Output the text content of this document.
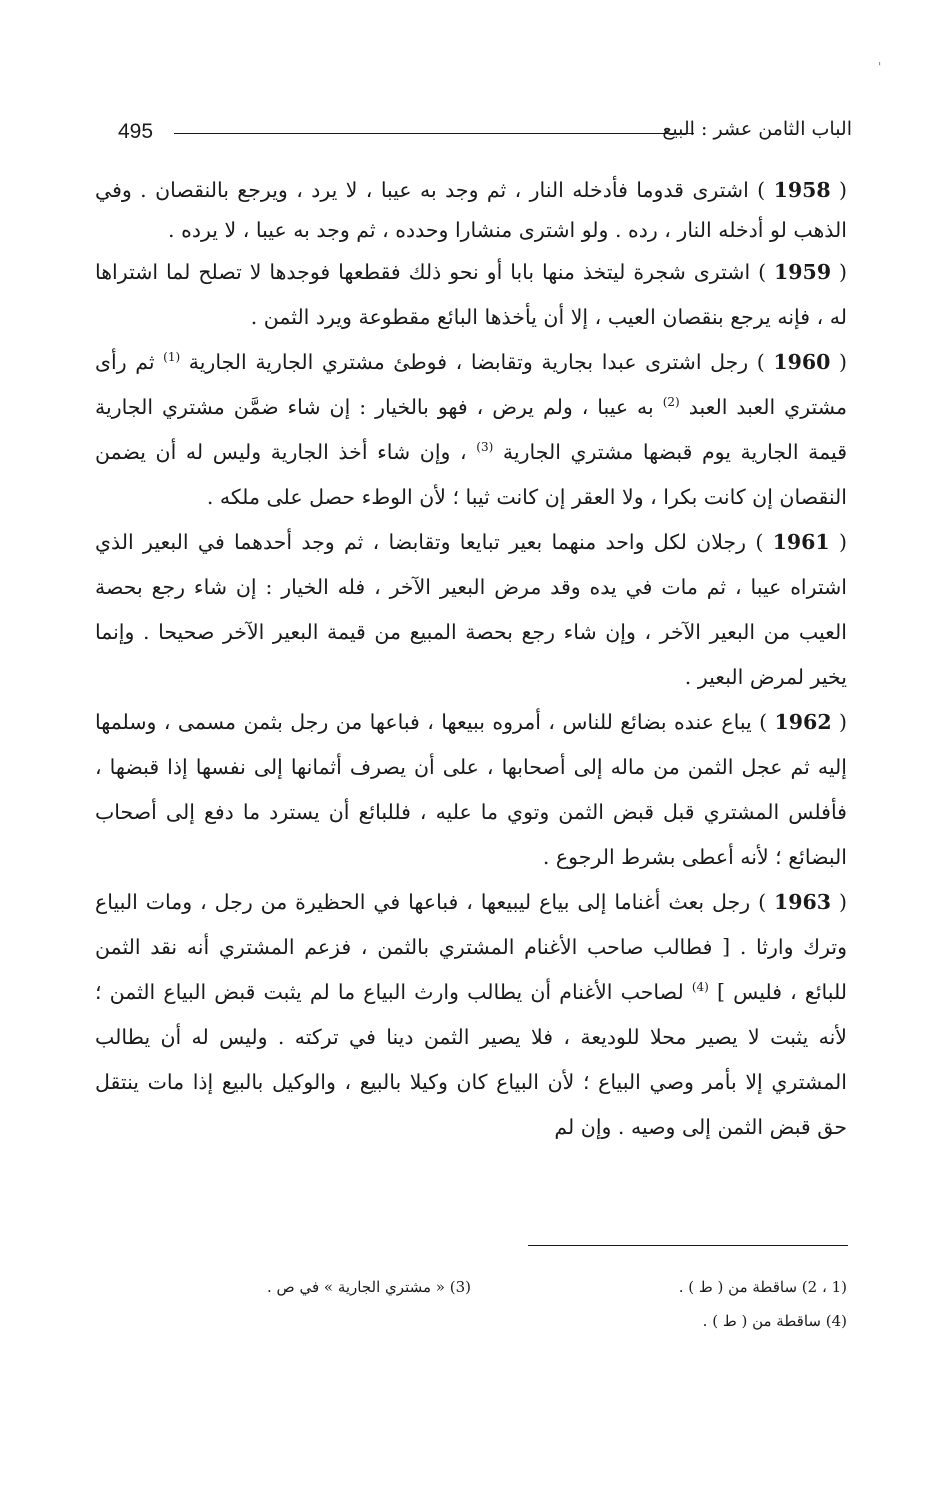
'
495	الباب الثامن عشر : البيع

( 1958 ) اشترى قدوما فأدخله النار ، ثم وجد به عيبا ، لا يرد ، ويرجع بالنقصان . وفي الذهب لو أدخله النار ، رده . ولو اشترى منشارا وحدده ، ثم وجد به عيبا ، لا يرده .

( 1959 ) اشترى شجرة ليتخذ منها بابا أو نحو ذلك فقطعها فوجدها لا تصلح لما اشتراها له ، فإنه يرجع بنقصان العيب ، إلا أن يأخذها البائع مقطوعة ويرد الثمن .

( 1960 ) رجل اشترى عبدا بجارية وتقابضا ، فوطئ مشتري الجارية الجارية $^{(1)}$ ثم رأى مشتري العبد العبد $^{(2)}$ به عيبا ، ولم يرض ، فهو بالخيار : إن شاء ضمَّن مشتري الجارية قيمة الجارية يوم قبضها مشتري الجارية $^{(3)}$ ، وإن شاء أخذ الجارية وليس له أن يضمن النقصان إن كانت بكرا ، ولا العقر إن كانت ثيبا ؛ لأن الوطء حصل على ملكه .

( 1961 ) رجلان لكل واحد منهما بعير تبايعا وتقابضا ، ثم وجد أحدهما في البعير الذي اشتراه عيبا ، ثم مات في يده وقد مرض البعير الآخر ، فله الخيار : إن شاء رجع بحصة العيب من البعير الآخر ، وإن شاء رجع بحصة المبيع من قيمة البعير الآخر صحيحا . وإنما يخير لمرض البعير .

( 1962 ) يباع عنده بضائع للناس ، أمروه ببيعها ، فباعها من رجل بثمن مسمى ، وسلمها إليه ثم عجل الثمن من ماله إلى أصحابها ، على أن يصرف أثمانها إلى نفسها إذا قبضها ، فأفلس المشتري قبل قبض الثمن وتوي ما عليه ، فللبائع أن يسترد ما دفع إلى أصحاب البضائع ؛ لأنه أعطى بشرط الرجوع .

( 1963 ) رجل بعث أغناما إلى بياع ليبيعها ، فباعها في الحظيرة من رجل ، ومات البياع وترك وارثا . [ فطالب صاحب الأغنام المشتري بالثمن ، فزعم المشتري أنه نقد الثمن للبائع ، فليس ] $^{(4)}$ لصاحب الأغنام أن يطالب وارث البياع ما لم يثبت قبض البياع الثمن ؛ لأنه يثبت لا يصير محلا للوديعة ، فلا يصير الثمن دينا في تركته . وليس له أن يطالب المشتري إلا بأمر وصي البياع ؛ لأن البياع كان وكيلا بالبيع ، والوكيل بالبيع إذا مات ينتقل حق قبض الثمن إلى وصيه . وإن لم

(1 ، 2) ساقطة من ( ط ) .
(3) « مشتري الجارية » في ص .
(4) ساقطة من ( ط ) .
